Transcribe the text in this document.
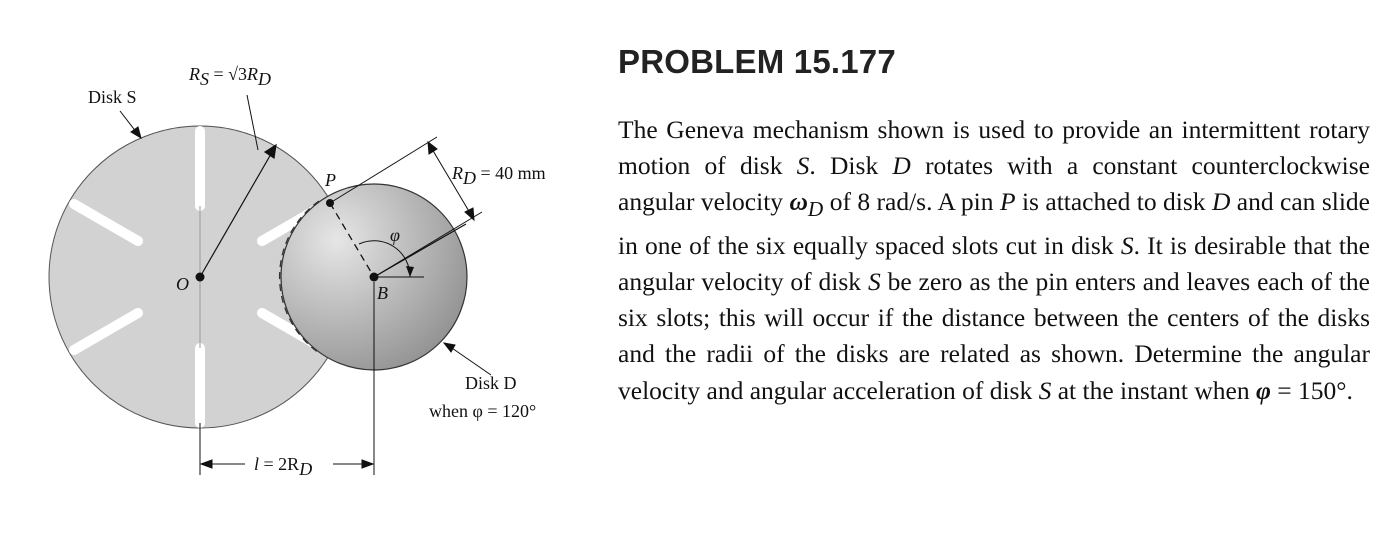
Disk S
RS = √3RD
RD = 40 mm
P
φ
O	B
Disk D
when φ = 120°
l = 2RD
PROBLEM 15.177

The Geneva mechanism shown is used to provide an intermittent rotary motion of disk S. Disk D rotates with a constant counterclockwise angular velocity $\omega_D$ of 8 rad/s. A pin P is attached to disk D and can slide in one of the six equally spaced slots cut in disk S. It is desirable that the angular velocity of disk S be zero as the pin enters and leaves each of the six slots; this will occur if the distance between the centers of the disks and the radii of the disks are related as shown. Determine the angular velocity and angular acceleration of disk S at the instant when φ = 150°.
